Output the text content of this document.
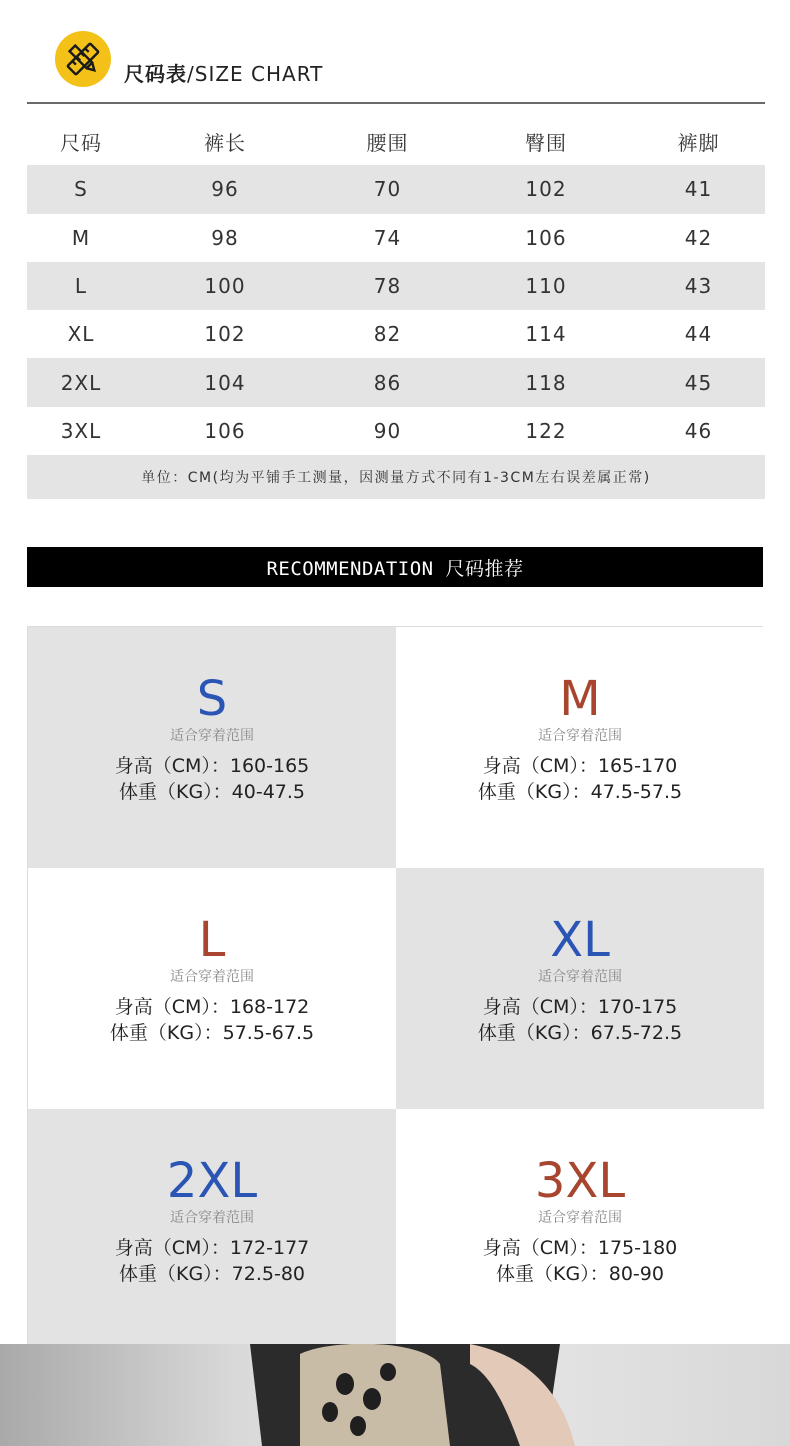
尺码表/SIZE CHART
尺码	裤长	腰围	臀围	裤脚
S	96	70	102	41
M	98	74	106	42
L	100	78	110	43
XL	102	82	114	44
2XL	104	86	118	45
3XL	106	90	122	46
单位：CM(均为平铺手工测量，因测量方式不同有1-3CM左右误差属正常)
RECOMMENDATION 尺码推荐
S
适合穿着范围
身高（CM）：160-165
体重（KG）：40-47.5
M
适合穿着范围
身高（CM）：165-170
体重（KG）：47.5-57.5
L
适合穿着范围
身高（CM）：168-172
体重（KG）：57.5-67.5
XL
适合穿着范围
身高（CM）：170-175
体重（KG）：67.5-72.5
2XL
适合穿着范围
身高（CM）：172-177
体重（KG）：72.5-80
3XL
适合穿着范围
身高（CM）：175-180
体重（KG）：80-90
